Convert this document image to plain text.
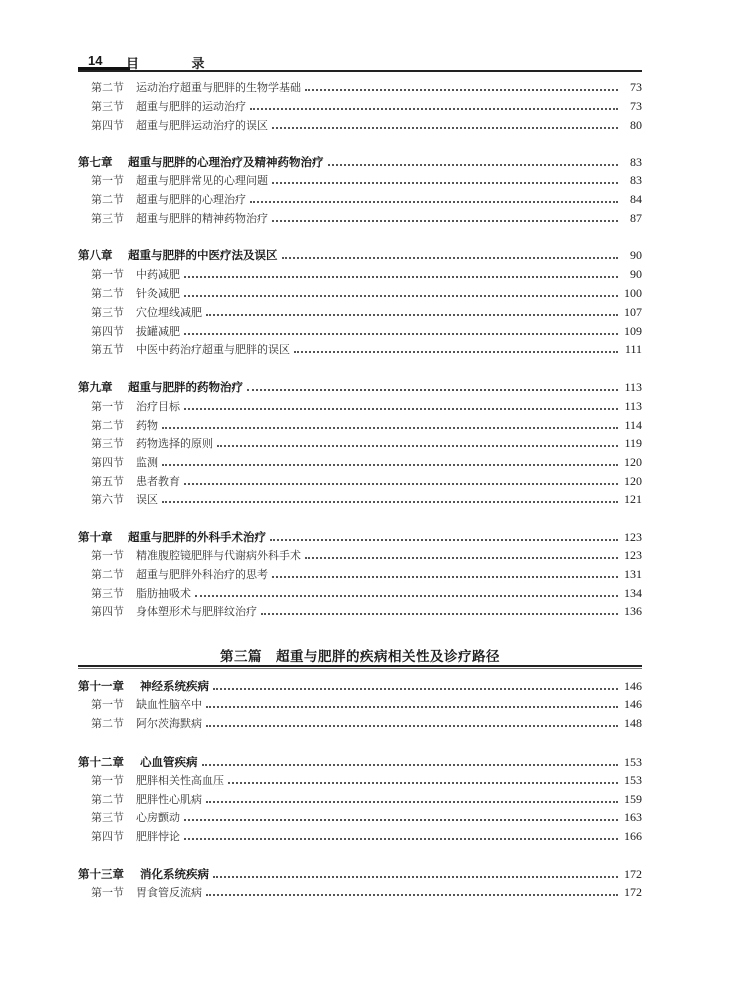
14 目 录
第三篇　超重与肥胖的疾病相关性及诊疗路径
第二节	运动治疗超重与肥胖的生物学基础	73
第三节	超重与肥胖的运动治疗	73
第四节	超重与肥胖运动治疗的误区	80
第七章	超重与肥胖的心理治疗及精神药物治疗	83
第一节	超重与肥胖常见的心理问题	83
第二节	超重与肥胖的心理治疗	84
第三节	超重与肥胖的精神药物治疗	87
第八章	超重与肥胖的中医疗法及误区	90
第一节	中药减肥	90
第二节	针灸减肥	100
第三节	穴位埋线减肥	107
第四节	拔罐减肥	109
第五节	中医中药治疗超重与肥胖的误区	111
第九章	超重与肥胖的药物治疗	113
第一节	治疗目标	113
第二节	药物	114
第三节	药物选择的原则	119
第四节	监测	120
第五节	患者教育	120
第六节	误区	121
第十章	超重与肥胖的外科手术治疗	123
第一节	精准腹腔镜肥胖与代谢病外科手术	123
第二节	超重与肥胖外科治疗的思考	131
第三节	脂肪抽吸术	134
第四节	身体塑形术与肥胖纹治疗	136
第十一章	神经系统疾病	146
第一节	缺血性脑卒中	146
第二节	阿尔茨海默病	148
第十二章	心血管疾病	153
第一节	肥胖相关性高血压	153
第二节	肥胖性心肌病	159
第三节	心房颤动	163
第四节	肥胖悖论	166
第十三章	消化系统疾病	172
第一节	胃食管反流病	172
